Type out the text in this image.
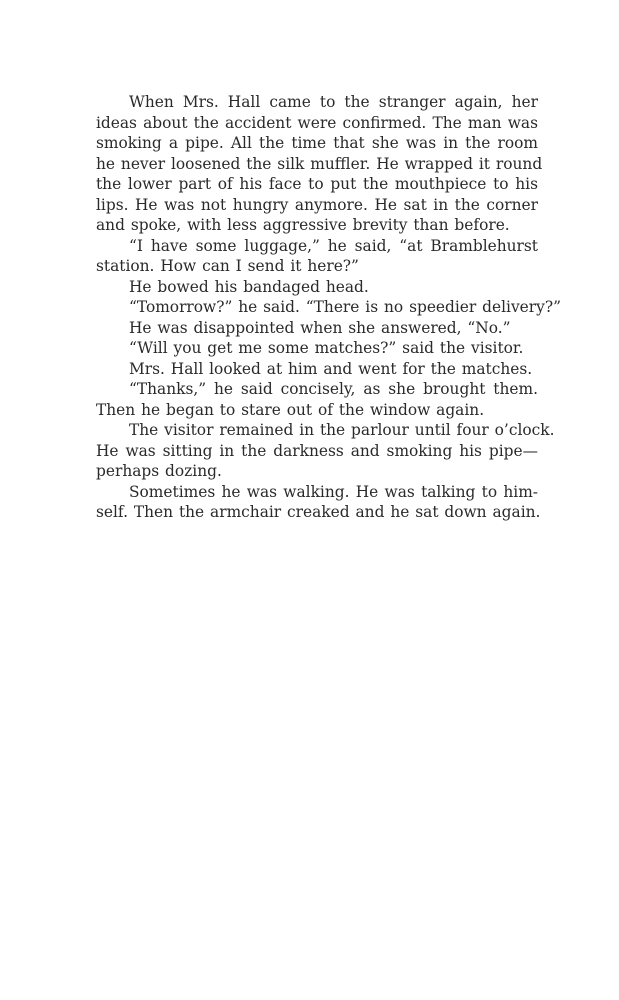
When Mrs. Hall came to the stranger again, her
ideas about the accident were confirmed. The man was
smoking a pipe. All the time that she was in the room
he never loosened the silk muffler. He wrapped it round
the lower part of his face to put the mouthpiece to his
lips. He was not hungry anymore. He sat in the corner
and spoke, with less aggressive brevity than before.
“I have some luggage,” he said, “at Bramblehurst
station. How can I send it here?”
He bowed his bandaged head.
“Tomorrow?” he said. “There is no speedier delivery?”
He was disappointed when she answered, “No.”
“Will you get me some matches?” said the visitor.
Mrs. Hall looked at him and went for the matches.
“Thanks,” he said concisely, as she brought them.
Then he began to stare out of the window again.
The visitor remained in the parlour until four o’clock.
He was sitting in the darkness and smoking his pipe—
perhaps dozing.
Sometimes he was walking. He was talking to him-
self. Then the armchair creaked and he sat down again.
